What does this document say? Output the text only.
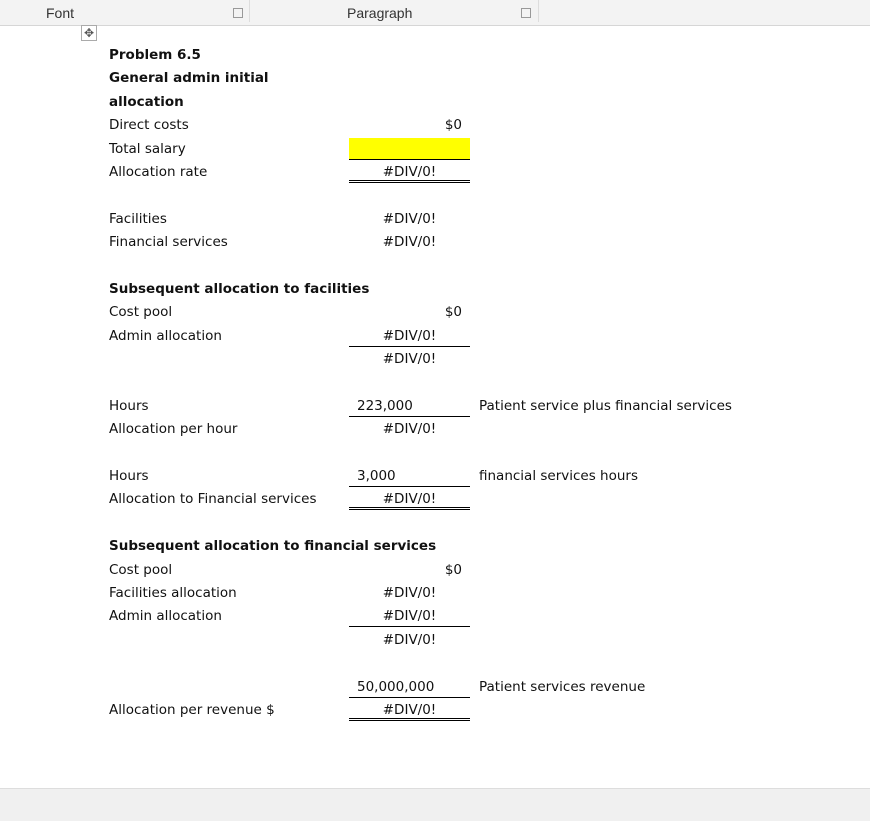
Font	Paragraph
✥
Problem 6.5
General admin initial
allocation
Direct costs	$0
Total salary
Allocation rate	#DIV/0!
Facilities	#DIV/0!
Financial services	#DIV/0!
Subsequent allocation to facilities
Cost pool	$0
Admin allocation	#DIV/0!
#DIV/0!
Hours	223,000	Patient service plus financial services
Allocation per hour	#DIV/0!
Hours	3,000	financial services hours
Allocation to Financial services	#DIV/0!
Subsequent allocation to financial services
Cost pool	$0
Facilities allocation	#DIV/0!
Admin allocation	#DIV/0!
#DIV/0!
50,000,000	Patient services revenue
Allocation per revenue $	#DIV/0!
